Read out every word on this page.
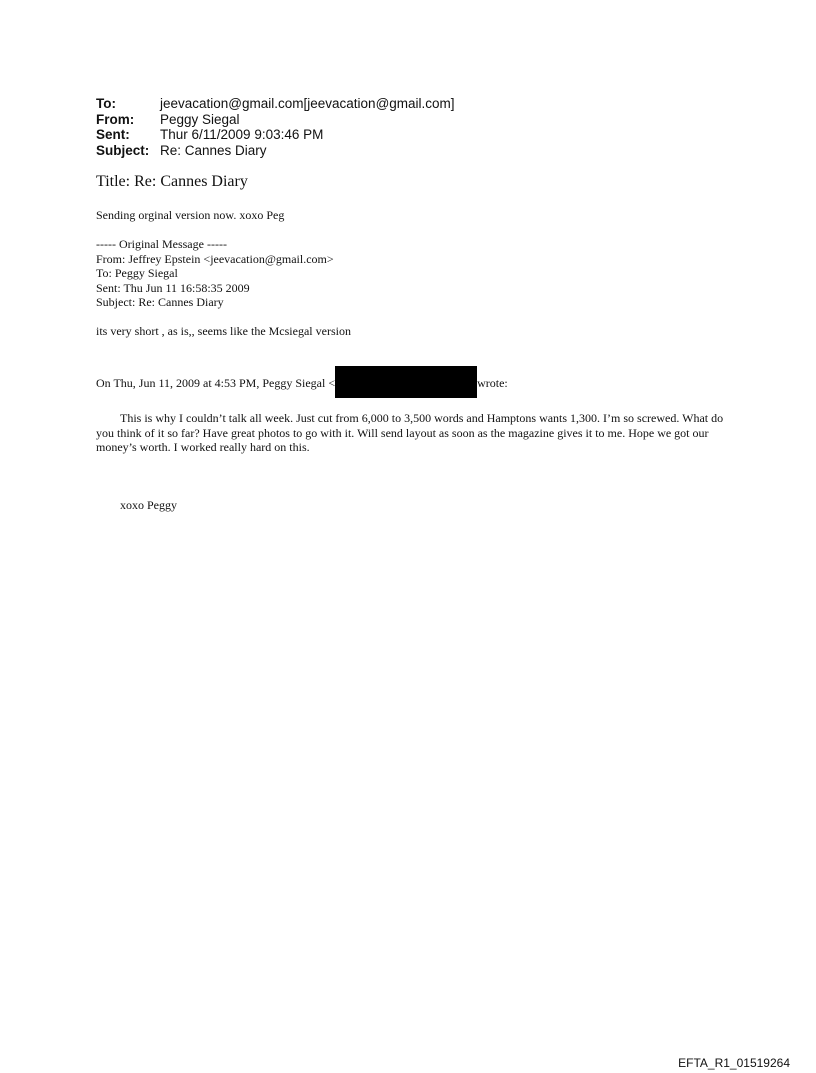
To:	jeevacation@gmail.com[jeevacation@gmail.com]
From:	Peggy Siegal
Sent:	Thur 6/11/2009 9:03:46 PM
Subject: Re: Cannes Diary
Title: Re: Cannes Diary
Sending orginal version now. xoxo Peg
----- Original Message -----
From: Jeffrey Epstein <jeevacation@gmail.com>
To: Peggy Siegal
Sent: Thu Jun 11 16:58:35 2009
Subject: Re: Cannes Diary
its very short , as is,, seems like the Mcsiegal version
On Thu, Jun 11, 2009 at 4:53 PM, Peggy Siegal <	wrote:
This is why I couldn’t talk all week. Just cut from 6,000 to 3,500 words and Hamptons wants 1,300. I’m so screwed. What do you think of it so far? Have great photos to go with it. Will send layout as soon as the magazine gives it to me. Hope we got our money’s worth. I worked really hard on this.
xoxo Peggy
EFTA_R1_01519264
